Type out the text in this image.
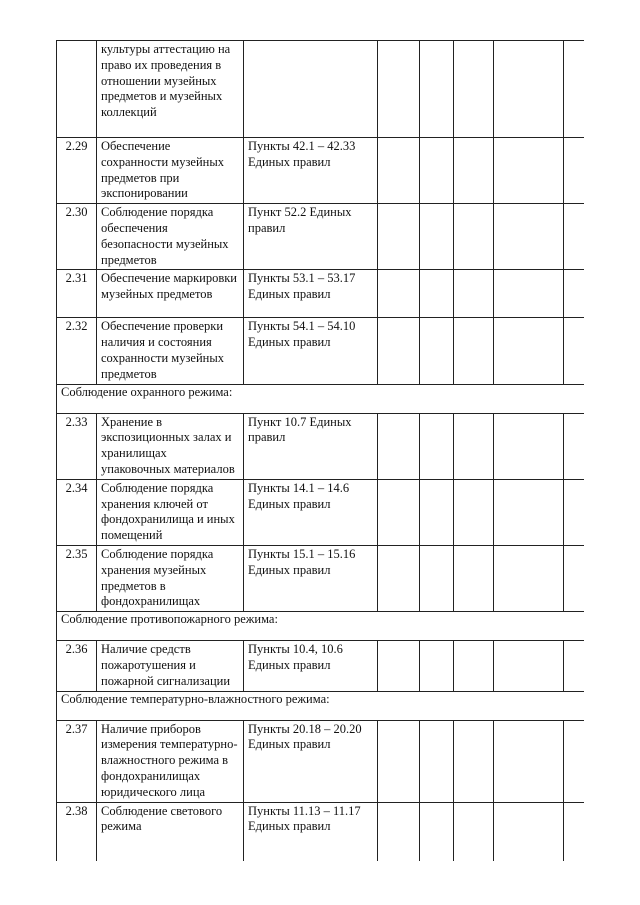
	культуры аттестацию на право их проведения в отношении музейных предметов и музейных коллекций						
2.29	Обеспечение сохранности музейных предметов при экспонировании	Пункты 42.1 – 42.33 Единых правил					
2.30	Соблюдение порядка обеспечения безопасности музейных предметов	Пункт 52.2 Единых правил					
2.31	Обеспечение маркировки музейных предметов	Пункты 53.1 – 53.17 Единых правил					
2.32	Обеспечение проверки наличия и состояния сохранности музейных предметов	Пункты 54.1 – 54.10 Единых правил					
Соблюдение охранного режима:							
2.33	Хранение в экспозиционных залах и хранилищах упаковочных материалов	Пункт 10.7 Единых правил					
2.34	Соблюдение порядка хранения ключей от фондохранилища и иных помещений	Пункты 14.1 – 14.6 Единых правил					
2.35	Соблюдение порядка хранения музейных предметов в фондохранилищах	Пункты 15.1 – 15.16 Единых правил					
Соблюдение противопожарного режима:							
2.36	Наличие средств пожаротушения и пожарной сигнализации	Пункты 10.4, 10.6 Единых правил					
Соблюдение температурно-влажностного режима:							
2.37	Наличие приборов измерения температурно-влажностного режима в фондохранилищах юридического лица	Пункты 20.18 – 20.20 Единых правил					
2.38	Соблюдение светового режима	Пункты 11.13 – 11.17 Единых правил					
